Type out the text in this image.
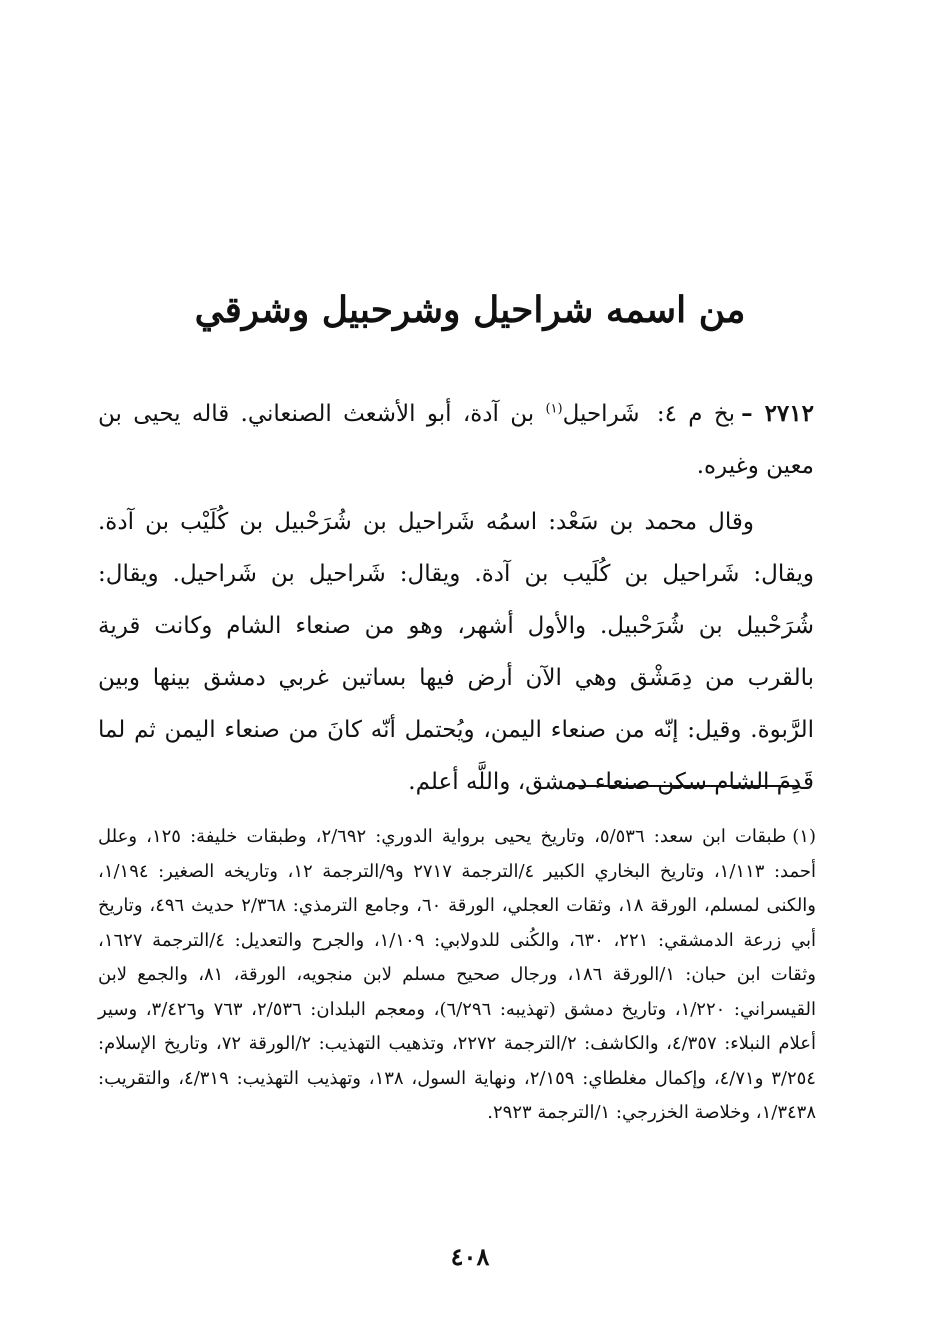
من اسمه شراحيل وشرحبيل وشرقي

٢٧١٢ –بخ م ٤: شَراحيل$^{(١)}$ بن آدة، أبو الأشعث الصنعاني. قاله يحيى بن معين وغيره.

وقال محمد بن سَعْد: اسمُه شَراحيل بن شُرَحْبيل بن كُلَيْب بن آدة. ويقال: شَراحيل بن كُلَيب بن آدة. ويقال: شَراحيل بن شَراحيل. ويقال: شُرَحْبيل بن شُرَحْبيل. والأول أشهر، وهو من صنعاء الشام وكانت قرية بالقرب من دِمَشْق وهي الآن أرض فيها بساتين غربي دمشق بينها وبين الرَّبوة. وقيل: إنّه من صنعاء اليمن، ويُحتمل أنّه كانَ من صنعاء اليمن ثم لما قَدِمَ الشام سكن صنعاء دمشق، واللَّه أعلم.

(١)طبقات ابن سعد: ٥/٥٣٦، وتاريخ يحيى برواية الدوري: ٢/٦٩٢، وطبقات خليفة: ١٢٥، وعلل أحمد: ١/١١٣، وتاريخ البخاري الكبير ٤/الترجمة ٢٧١٧ و٩/الترجمة ١٢، وتاريخه الصغير: ١/١٩٤، والكنى لمسلم، الورقة ١٨، وثقات العجلي، الورقة ٦٠، وجامع الترمذي: ٢/٣٦٨ حديث ٤٩٦، وتاريخ أبي زرعة الدمشقي: ٢٢١، ٦٣٠، والكُنى للدولابي: ١/١٠٩، والجرح والتعديل: ٤/الترجمة ١٦٢٧، وثقات ابن حبان: ١/الورقة ١٨٦، ورجال صحيح مسلم لابن منجويه، الورقة، ٨١، والجمع لابن القيسراني: ١/٢٢٠، وتاريخ دمشق (تهذيبه: ٦/٢٩٦)، ومعجم البلدان: ٢/٥٣٦، ٧٦٣ و٣/٤٢٦، وسير أعلام النبلاء: ٤/٣٥٧، والكاشف: ٢/الترجمة ٢٢٧٢، وتذهيب التهذيب: ٢/الورقة ٧٢، وتاريخ الإسلام: ٣/٢٥٤ و٤/٧١، وإكمال مغلطاي: ٢/١٥٩، ونهاية السول، ١٣٨، وتهذيب التهذيب: ٤/٣١٩، والتقريب: ١/٣٤٣٨، وخلاصة الخزرجي: ١/الترجمة ٢٩٢٣.
٤٠٨
